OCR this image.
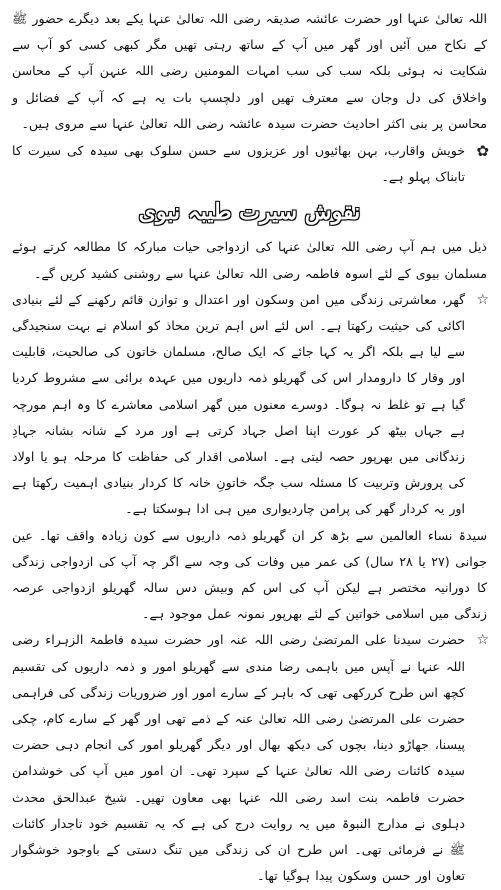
اللہ تعالیٰ عنہا اور حضرت عائشہ صدیقہ رضی اللہ تعالیٰ عنہا یکے بعد دیگرے حضور ﷺ کے نکاح میں آئیں اور گھر میں آپ کے ساتھ رہتی تھیں مگر کبھی کسی کو آپ سے شکایت نہ ہوئی بلکہ سب کی سب امہات المومنین رضی اللہ عنہن آپ کے محاسن واخلاق کی دل وجان سے معترف تھیں اور دلچسپ بات یہ ہے کہ آپ کے فضائل و محاسن پر بنی اکثر احادیث حضرت سیدہ عائشہ رضی اللہ تعالیٰ عنہا سے مروی ہیں۔

✿

خویش واقارب، بہن بھائیوں اور عزیزوں سے حسن سلوک بھی سیدہ کی سیرت کا تابناک پہلو ہے۔

نقوش سیرت طیبہ نبوی

ذیل میں ہم آپ رضی اللہ تعالیٰ عنہا کی ازدواجی حیات مبارکہ کا مطالعہ کرتے ہوئے مسلمان بیوی کے لئے اسوہ فاطمہ رضی اللہ تعالیٰ عنہا سے روشنی کشید کریں گے۔

☆

گھر، معاشرتی زندگی میں امن وسکون اور اعتدال و توازن قائم رکھنے کے لئے بنیادی اکائی کی حیثیت رکھتا ہے۔ اس لئے اس اہم ترین محاذ کو اسلام نے بہت سنجیدگی سے لیا ہے بلکہ اگر یہ کہا جائے کہ ایک صالح، مسلمان خاتون کی صالحیت، قابلیت اور وقار کا دارومدار اس کی گھریلو ذمہ داریوں میں عہدہ برائی سے مشروط کردیا گیا ہے تو غلط نہ ہوگا۔ دوسرے معنوں میں گھر اسلامی معاشرے کا وہ اہم مورچہ ہے جہاں بیٹھ کر عورت اپنا اصل جہاد کرتی ہے اور مرد کے شانہ بشانہ جہادِ زندگانی میں بھرپور حصہ لیتی ہے۔ اسلامی اقدار کی حفاظت کا مرحلہ ہو یا اولاد کی پرورش وتربیت کا مسئلہ سب جگہ خاتونِ خانہ کا کردار بنیادی اہمیت رکھتا ہے اور یہ کردار گھر کی پرامن چاردیواری میں ہی ادا ہوسکتا ہے۔

سیدۃ نساء العالمین سے بڑھ کر ان گھریلو ذمہ داریوں سے کون زیادہ واقف تھا۔ عین جوانی (۲۷ یا ۲۸ سال) کی عمر میں وفات کی وجہ سے اگر چہ آپ کی ازدواجی زندگی کا دورانیہ مختصر ہے لیکن آپ کی اس کم وبیش دس سالہ گھریلو ازدواجی عرصہ زندگی میں اسلامی خواتین کے لئے بھرپور نمونہ عمل موجود ہے۔

☆

حضرت سیدنا علی المرتضیٰ رضی اللہ عنہ اور حضرت سیدہ فاطمۃ الزہراء رضی اللہ عنہا نے آپس میں باہمی رضا مندی سے گھریلو امور و ذمہ داریوں کی تقسیم کچھ اس طرح کررکھی تھی کہ باہر کے سارے امور اور ضروریات زندگی کی فراہمی حضرت علی المرتضیٰ رضی اللہ تعالیٰ عنہ کے ذمے تھی اور گھر کے سارے کام، چکی پیسنا، جھاڑو دینا، بچوں کی دیکھ بھال اور دیگر گھریلو امور کی انجام دہی حضرت سیدہ کائنات رضی اللہ تعالیٰ عنہا کے سپرد تھی۔ ان امور میں آپ کی خوشدامن حضرت فاطمہ بنت اسد رضی اللہ عنہا بھی معاون تھیں۔ شیخ عبدالحق محدث دہلوی نے مدارج النبوۃ میں یہ روایت درج کی ہے کہ یہ تقسیم خود تاجدار کائنات ﷺ نے فرمائی تھی۔ اس طرح ان کی زندگی میں تنگ دستی کے باوجود خوشگوار تعاون اور حسن وسکون پیدا ہوگیا تھا۔
